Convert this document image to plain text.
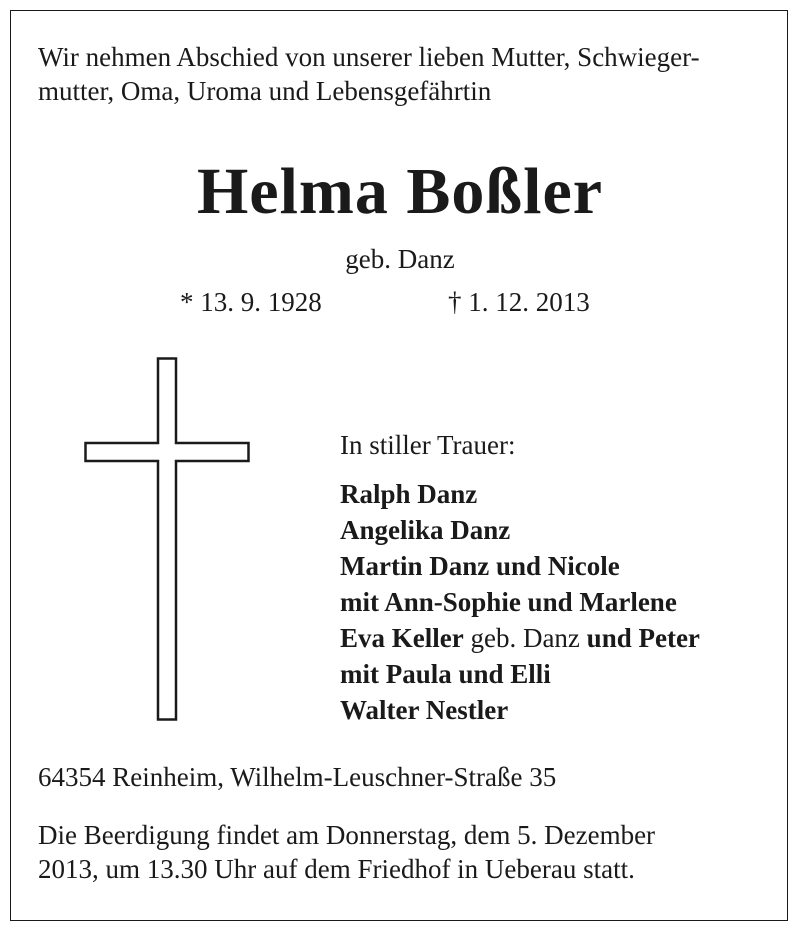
Wir nehmen Abschied von unserer lieben Mutter, Schwieger-
mutter, Oma, Uroma und Lebensgefährtin
Helma Boßler
geb. Danz
* 13. 9. 1928	† 1. 12. 2013
In stiller Trauer:
Ralph Danz
Angelika Danz
Martin Danz und Nicole
mit Ann-Sophie und Marlene
Eva Keller geb. Danz und Peter
mit Paula und Elli
Walter Nestler
64354 Reinheim, Wilhelm-Leuschner-Straße 35
Die Beerdigung findet am Donnerstag, dem 5. Dezember
2013, um 13.30 Uhr auf dem Friedhof in Ueberau statt.
